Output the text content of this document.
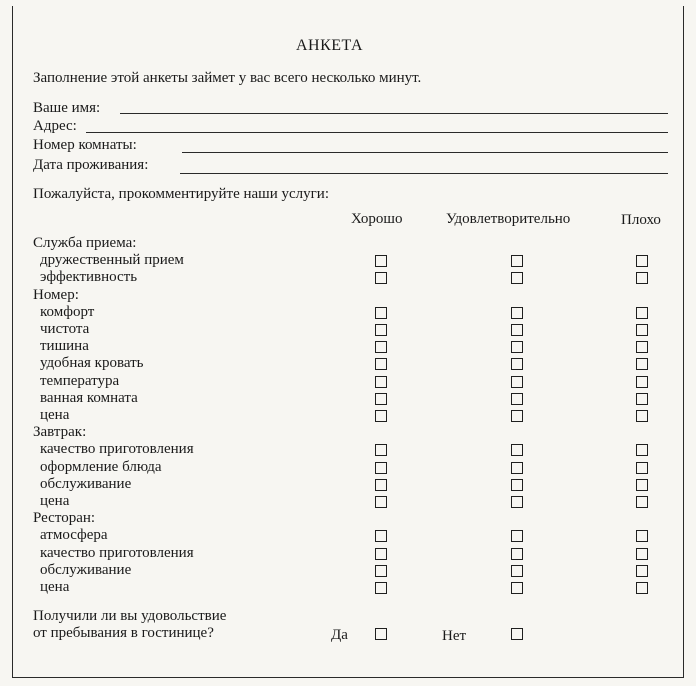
АНКЕТА
Заполнение этой анкеты займет у вас всего несколько минут.
Ваше имя:
Адрес:
Номер комнаты:
Дата проживания:
Пожалуйста, прокомментируйте наши услуги:
Хорошо	Удовлетворительно	Плохо
Служба приема:
дружественный прием
эффективность
Номер:
комфорт
чистота
тишина
удобная кровать
температура
ванная комната
цена
Завтрак:
качество приготовления
оформление блюда
обслуживание
цена
Ресторан:
атмосфера
качество приготовления
обслуживание
цена
Получили ли вы удовольствие
от пребывания в гостинице?	Да	Нет
